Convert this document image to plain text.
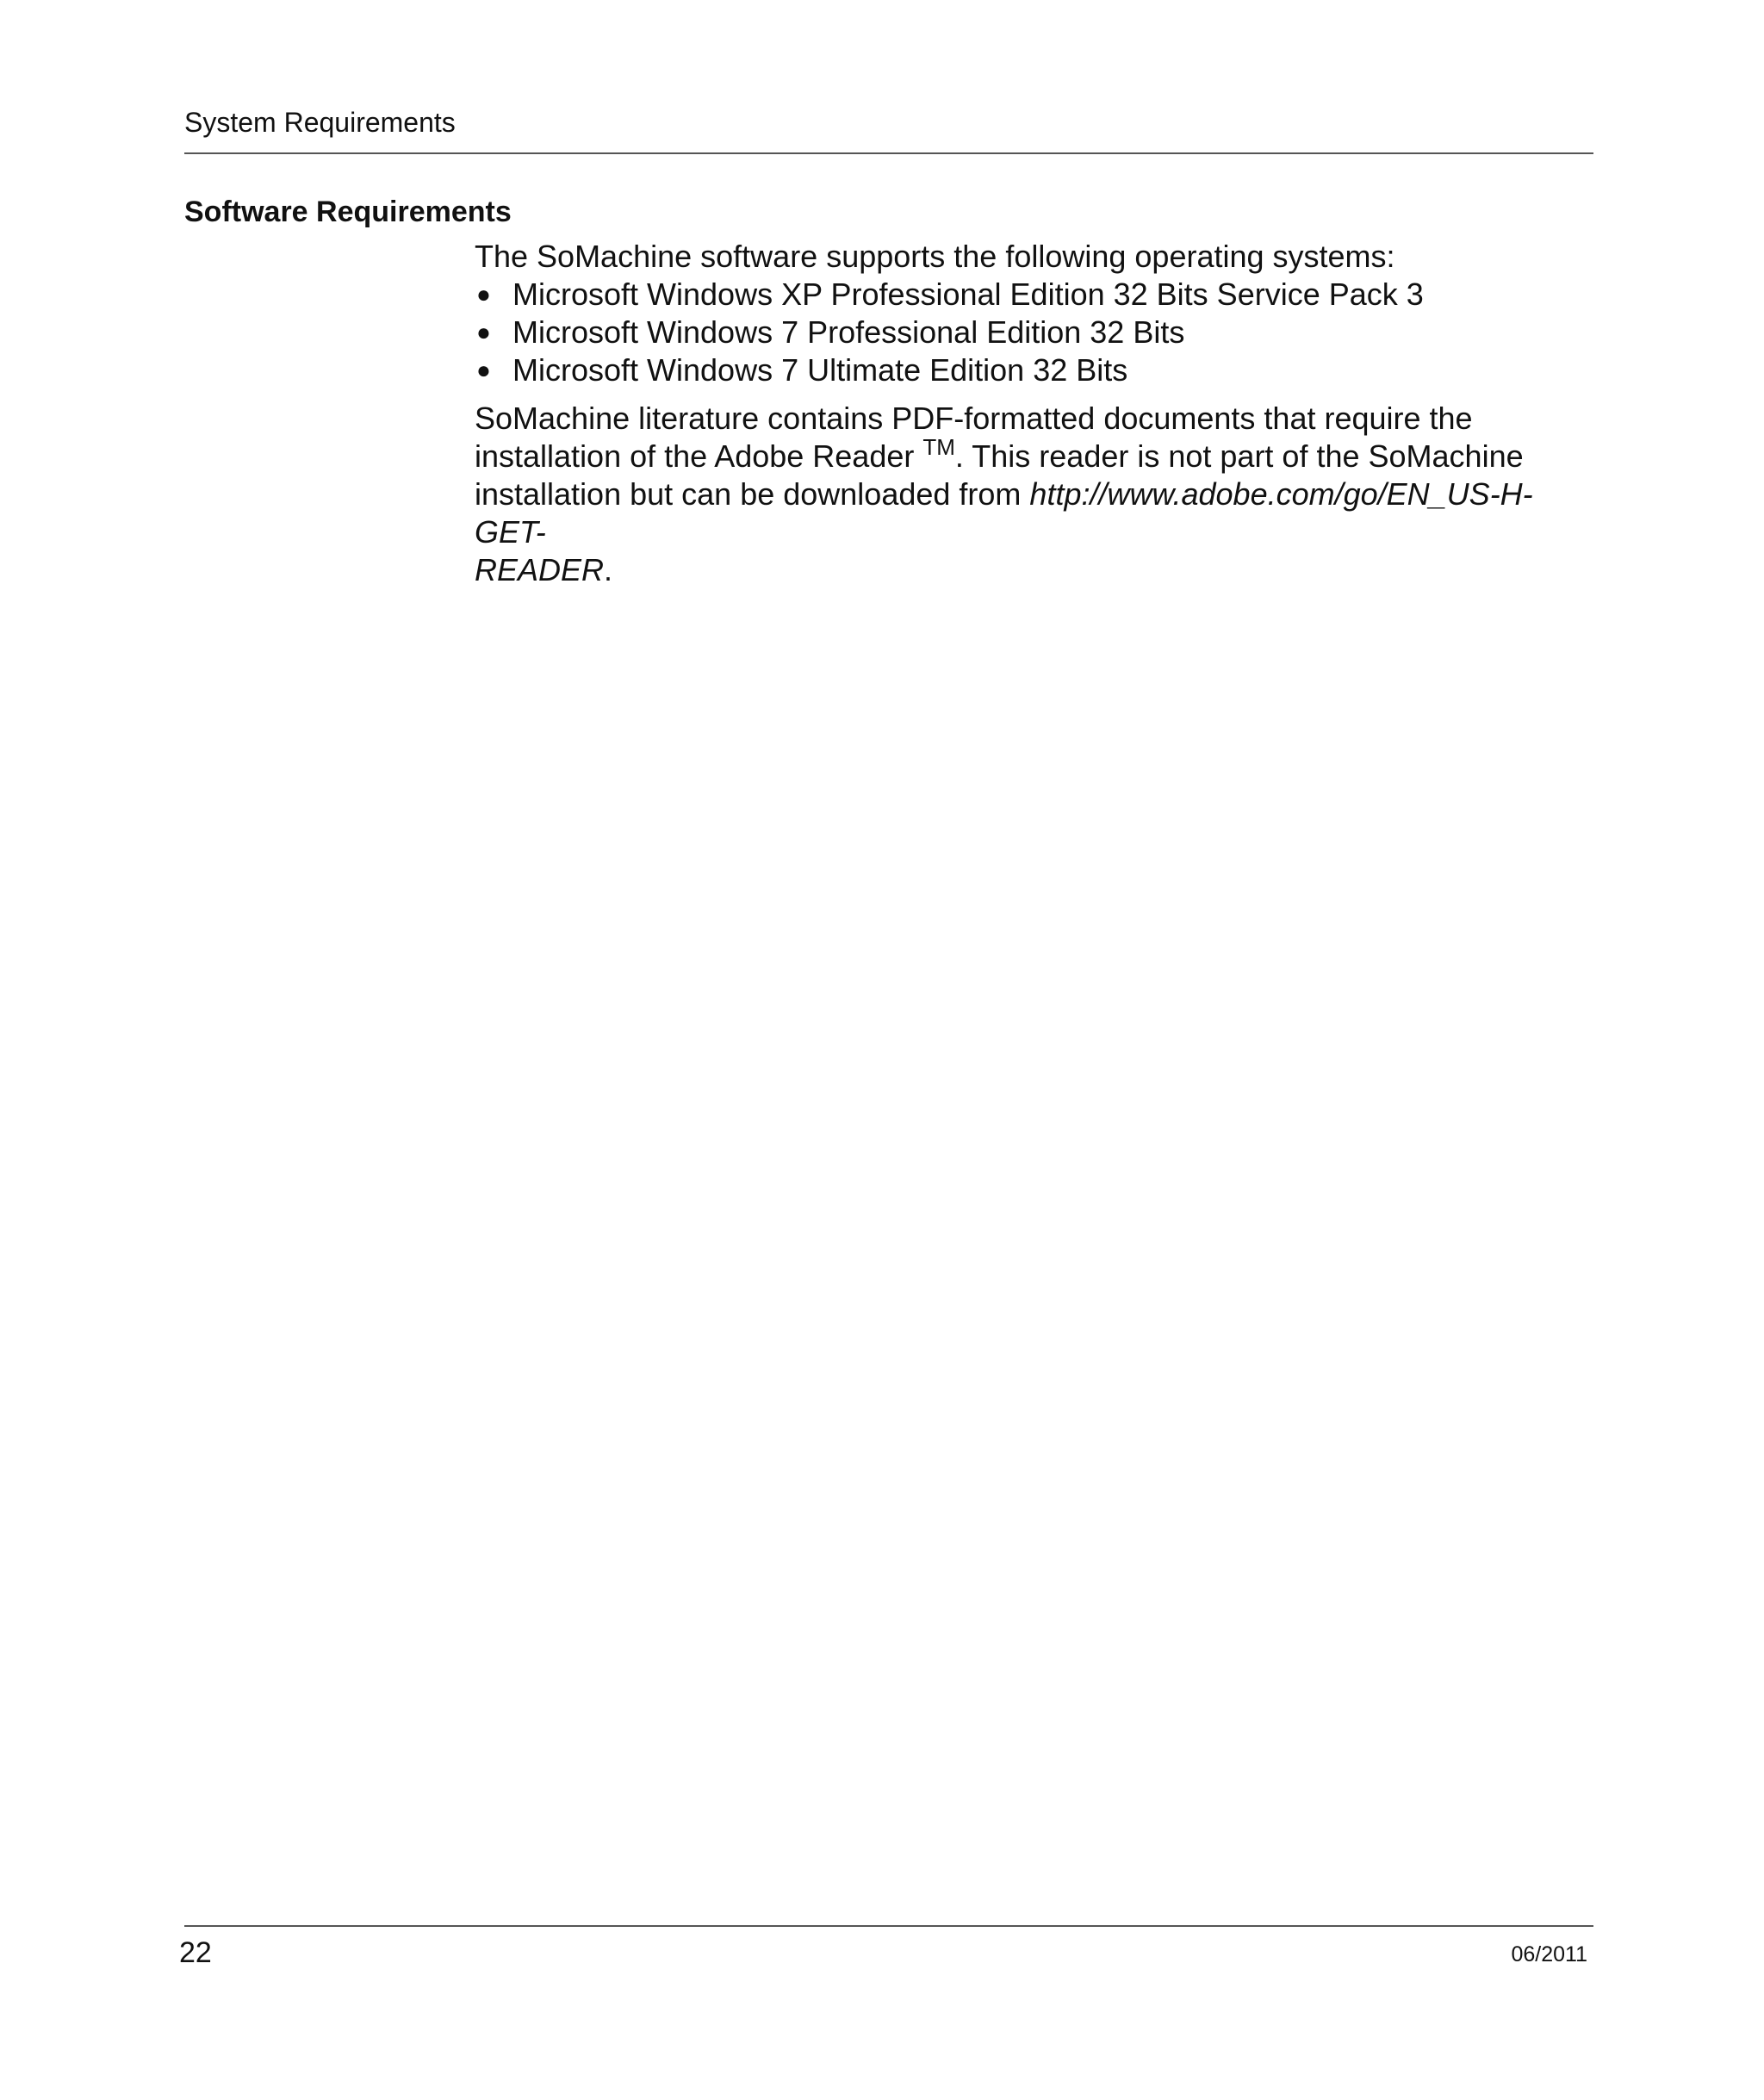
System Requirements
Software Requirements

The SoMachine software supports the following operating systems:

● Microsoft Windows XP Professional Edition 32 Bits Service Pack 3
● Microsoft Windows 7 Professional Edition 32 Bits
● Microsoft Windows 7 Ultimate Edition 32 Bits

SoMachine literature contains PDF-formatted documents that require the
installation of the Adobe Reader ™. This reader is not part of the SoMachine
installation but can be downloaded from http://www.adobe.com/go/EN_US-H-GET-
READER.

22	06/2011
